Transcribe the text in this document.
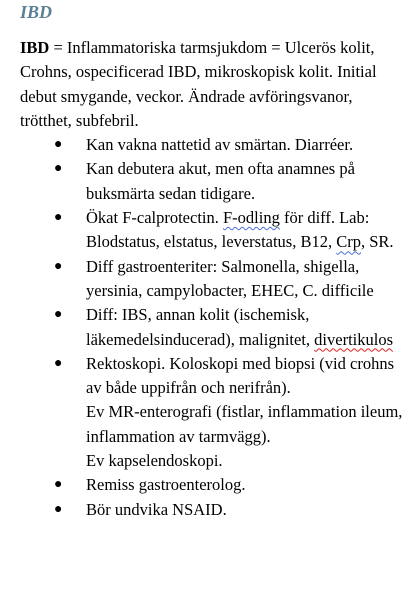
IBD

IBD = Inflammatoriska tarmsjukdom = Ulcerös kolit, Crohns, ospecificerad IBD, mikroskopisk kolit. Initial debut smygande, veckor. Ändrade avföringsvanor, trötthet, subfebril.

● Kan vakna nattetid av smärtan. Diarréer.
● Kan debutera akut, men ofta anamnes på buksmärta sedan tidigare.
● Ökat F-calprotectin. F-odling för diff. Lab: Blodstatus, elstatus, leverstatus, B12, Crp, SR.
● Diff gastroenteriter: Salmonella, shigella, yersinia, campylobacter, EHEC, C. difficile
● Diff: IBS, annan kolit (ischemisk, läkemedelsinducerad), malignitet, divertikulos
● Rektoskopi. Koloskopi med biopsi (vid crohns av både uppifrån och nerifrån).
Ev MR-enterografi (fistlar, inflammation ileum, inflammation av tarmvägg).
Ev kapselendoskopi.
● Remiss gastroenterolog.
● Bör undvika NSAID.
